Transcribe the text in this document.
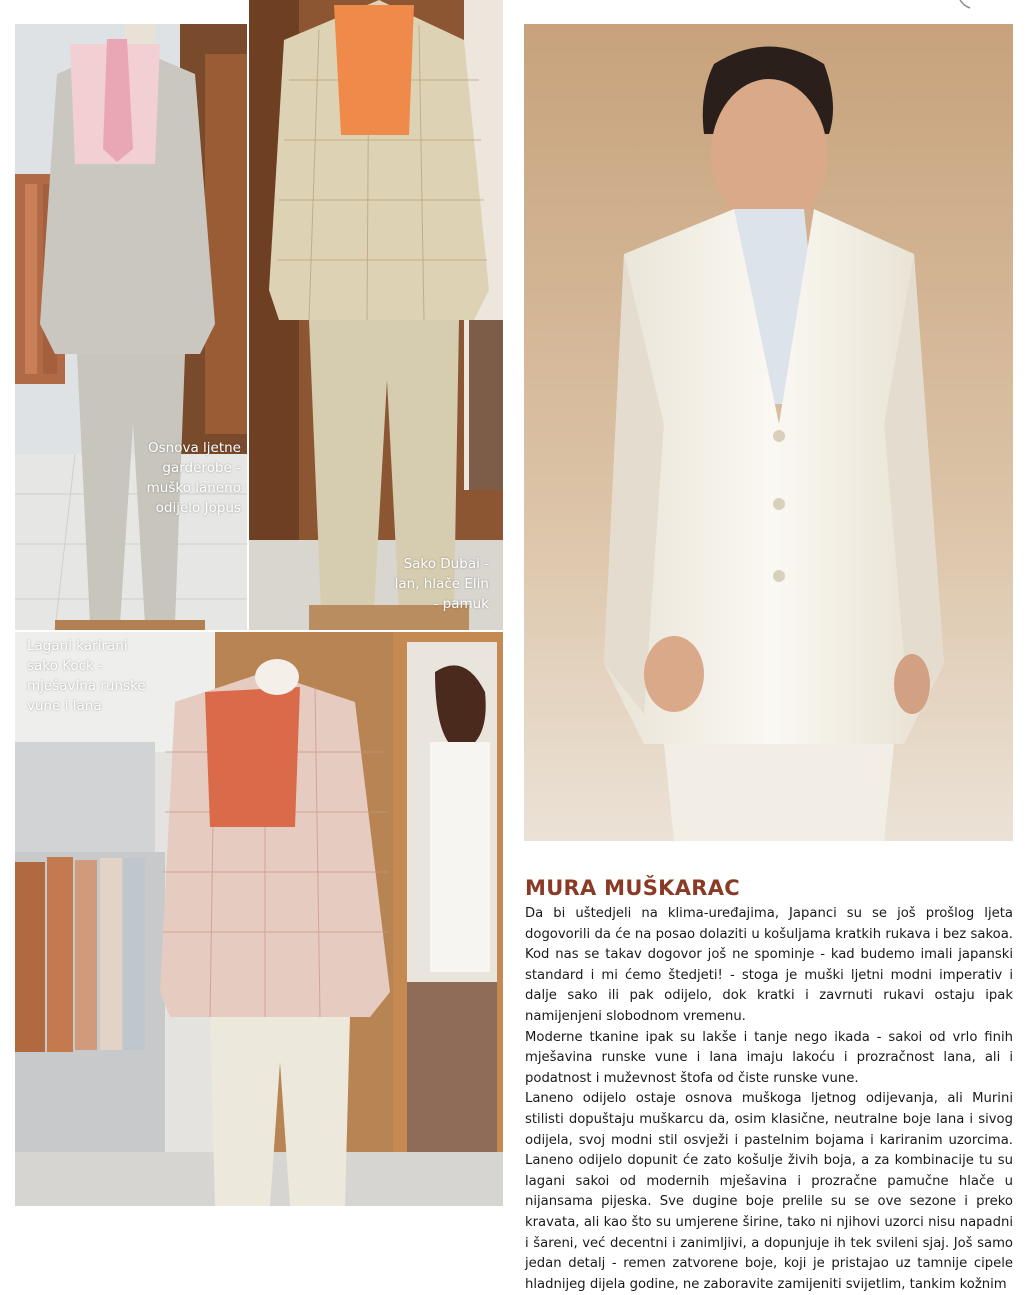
Osnova ljetne garderobe - muško laneno odijelo Jopus
Sako Dubai - lan, hlače Elin - pamuk
Lagani karirani sako Kock - mješavina runske vune i lana
MURA MUŠKARAC

Da bi uštedjeli na klima-uređajima, Japanci su se još prošlog ljeta dogovorili da će na posao dolaziti u košuljama kratkih rukava i bez sakoa. Kod nas se takav dogovor još ne spominje - kad budemo imali japanski standard i mi ćemo štedjeti! - stoga je muški ljetni modni imperativ i dalje sako ili pak odijelo, dok kratki i zavrnuti rukavi ostaju ipak namijenjeni slobodnom vremenu.

Moderne tkanine ipak su lakše i tanje nego ikada - sakoi od vrlo finih mješavina runske vune i lana imaju lakoću i prozračnost lana, ali i podatnost i muževnost štofa od čiste runske vune.

Laneno odijelo ostaje osnova muškoga ljetnog odijevanja, ali Murini stilisti dopuštaju muškarcu da, osim klasične, neutralne boje lana i sivog odijela, svoj modni stil osvježi i pastelnim bojama i kariranim uzorcima. Laneno odijelo dopunit će zato košulje živih boja, a za kombinacije tu su lagani sakoi od modernih mješavina i prozračne pamučne hlače u nijansama pijeska. Sve dugine boje prelile su se ove sezone i preko kravata, ali kao što su umjerene širine, tako ni njihovi uzorci nisu napadni i šareni, već decentni i zanimljivi, a dopunjuje ih tek svileni sjaj. Još samo jedan detalj - remen zatvorene boje, koji je pristajao uz tamnije cipele hladnijeg dijela godine, ne zaboravite zamijeniti svijetlim, tankim kožnim
